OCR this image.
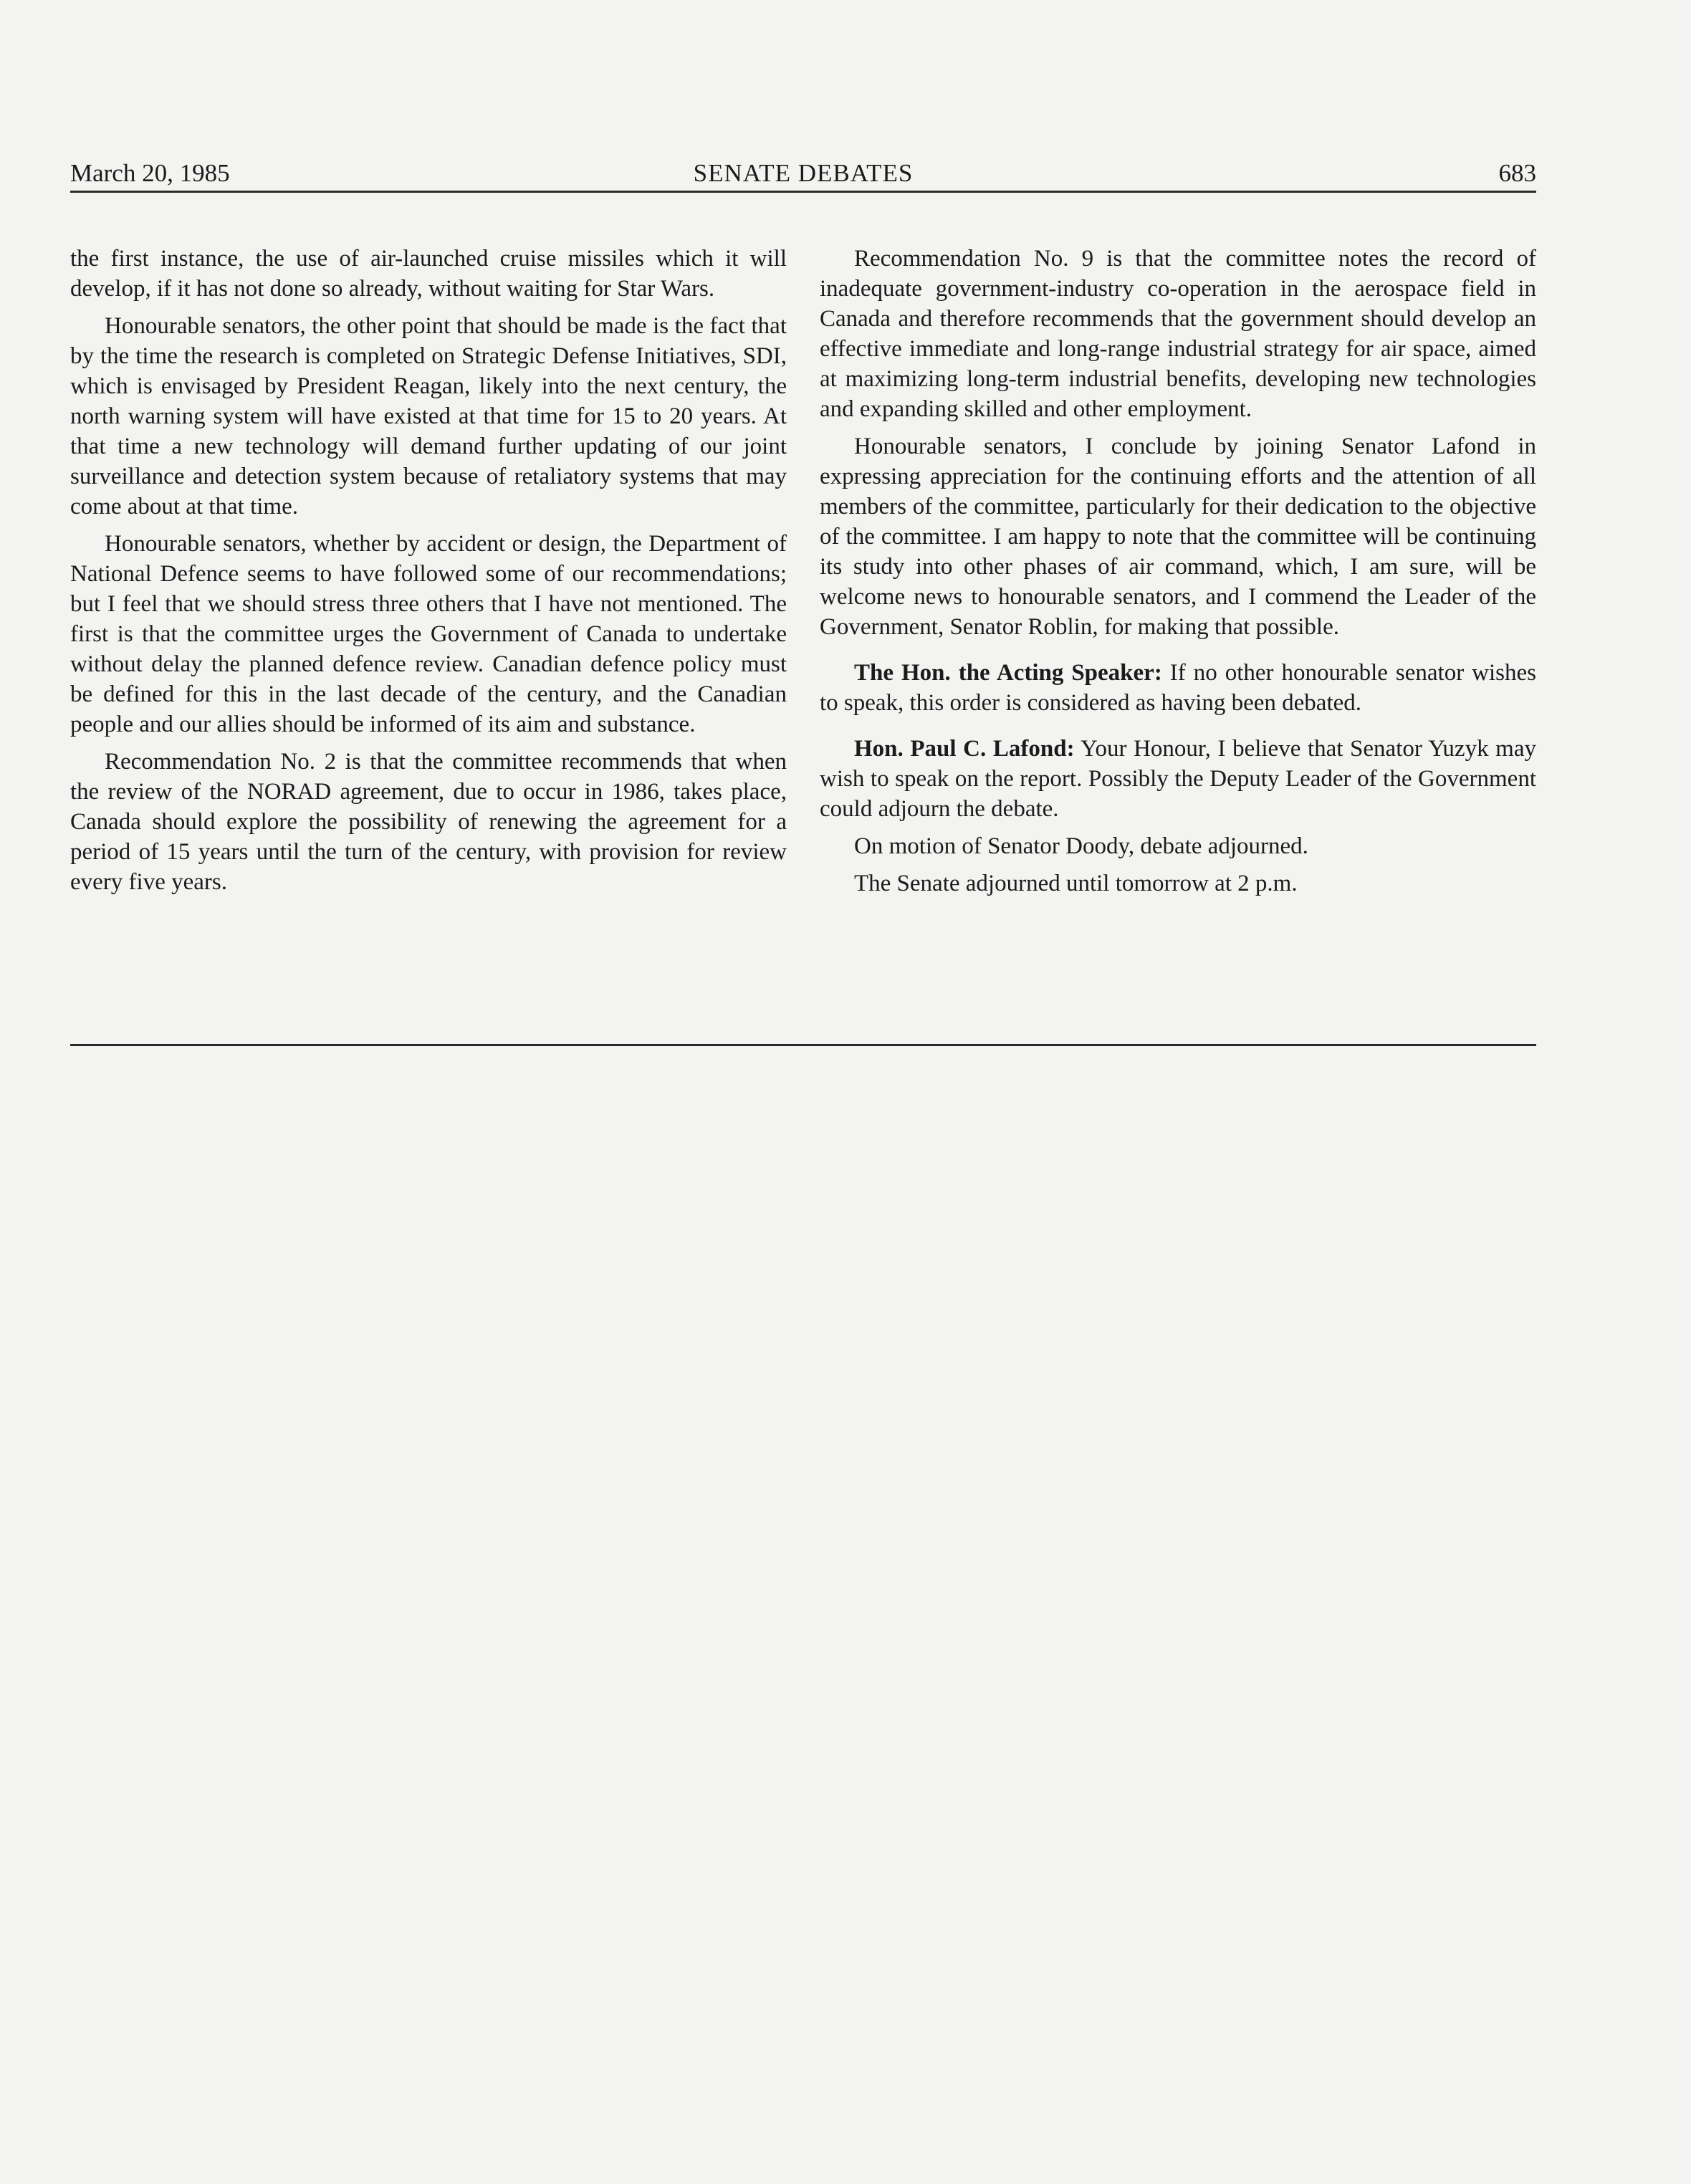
March 20, 1985	SENATE DEBATES	683

the first instance, the use of air-launched cruise missiles which it will develop, if it has not done so already, without waiting for Star Wars.

Honourable senators, the other point that should be made is the fact that by the time the research is completed on Strategic Defense Initiatives, SDI, which is envisaged by President Reagan, likely into the next century, the north warning system will have existed at that time for 15 to 20 years. At that time a new technology will demand further updating of our joint surveillance and detection system because of retaliatory systems that may come about at that time.

Honourable senators, whether by accident or design, the Department of National Defence seems to have followed some of our recommendations; but I feel that we should stress three others that I have not mentioned. The first is that the committee urges the Government of Canada to undertake without delay the planned defence review. Canadian defence policy must be defined for this in the last decade of the century, and the Canadian people and our allies should be informed of its aim and substance.

Recommendation No. 2 is that the committee recommends that when the review of the NORAD agreement, due to occur in 1986, takes place, Canada should explore the possibility of renewing the agreement for a period of 15 years until the turn of the century, with provision for review every five years.

Recommendation No. 9 is that the committee notes the record of inadequate government-industry co-operation in the aerospace field in Canada and therefore recommends that the government should develop an effective immediate and long-range industrial strategy for air space, aimed at maximizing long-term industrial benefits, developing new technologies and expanding skilled and other employment.

Honourable senators, I conclude by joining Senator Lafond in expressing appreciation for the continuing efforts and the attention of all members of the committee, particularly for their dedication to the objective of the committee. I am happy to note that the committee will be continuing its study into other phases of air command, which, I am sure, will be welcome news to honourable senators, and I commend the Leader of the Government, Senator Roblin, for making that possible.

The Hon. the Acting Speaker: If no other honourable senator wishes to speak, this order is considered as having been debated.

Hon. Paul C. Lafond: Your Honour, I believe that Senator Yuzyk may wish to speak on the report. Possibly the Deputy Leader of the Government could adjourn the debate.

On motion of Senator Doody, debate adjourned.

The Senate adjourned until tomorrow at 2 p.m.
